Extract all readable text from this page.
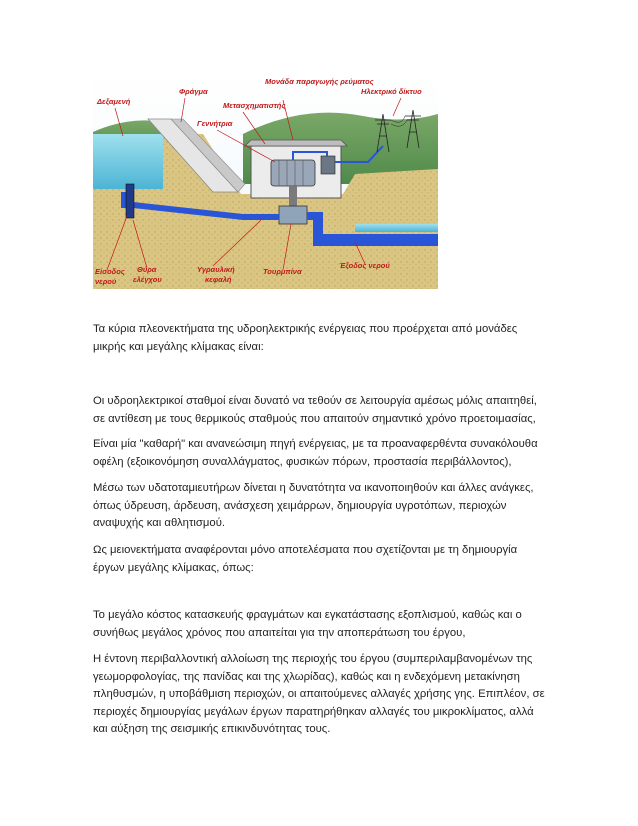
Δεξαμενή
Φράγμα
Μονάδα παραγωγής ρεύματος
Μετασχηματιστής
Γεννήτρια
Ηλεκτρικό δίκτυο
Είσοδος
νερού
Θύρα
ελέγχου
Υγραυλική
κεφαλή
Τουρμπίνα
Έξοδος νερού

Τα κύρια πλεονεκτήματα της υδροηλεκτρικής ενέργειας που προέρχεται από μονάδες μικρής και μεγάλης κλίμακας είναι:

Οι υδροηλεκτρικοί σταθμοί είναι δυνατό να τεθούν σε λειτουργία αμέσως μόλις απαιτηθεί, σε αντίθεση με τους θερμικούς σταθμούς που απαιτούν σημαντικό χρόνο προετοιμασίας,

Είναι μία "καθαρή" και ανανεώσιμη πηγή ενέργειας, με τα προαναφερθέντα συνακόλουθα οφέλη (εξοικονόμηση συναλλάγματος, φυσικών πόρων, προστασία περιβάλλοντος),

Μέσω των υδατοταμιευτήρων δίνεται η δυνατότητα να ικανοποιηθούν και άλλες ανάγκες, όπως ύδρευση, άρδευση, ανάσχεση χειμάρρων, δημιουργία υγροτόπων, περιοχών αναψυχής και αθλητισμού.

Ως μειονεκτήματα αναφέρονται μόνο αποτελέσματα που σχετίζονται με τη δημιουργία έργων μεγάλης κλίμακας, όπως:

Το μεγάλο κόστος κατασκευής φραγμάτων και εγκατάστασης εξοπλισμού, καθώς και ο συνήθως μεγάλος χρόνος που απαιτείται για την αποπεράτωση του έργου,

Η έντονη περιβαλλοντική αλλοίωση της περιοχής του έργου (συμπεριλαμβανομένων της γεωμορφολογίας, της πανίδας και της χλωρίδας), καθώς και η ενδεχόμενη μετακίνηση πληθυσμών, η υποβάθμιση περιοχών, οι απαιτούμενες αλλαγές χρήσης γης. Επιπλέον, σε περιοχές δημιουργίας μεγάλων έργων παρατηρήθηκαν αλλαγές του μικροκλίματος, αλλά και αύξηση της σεισμικής επικινδυνότητας τους.
